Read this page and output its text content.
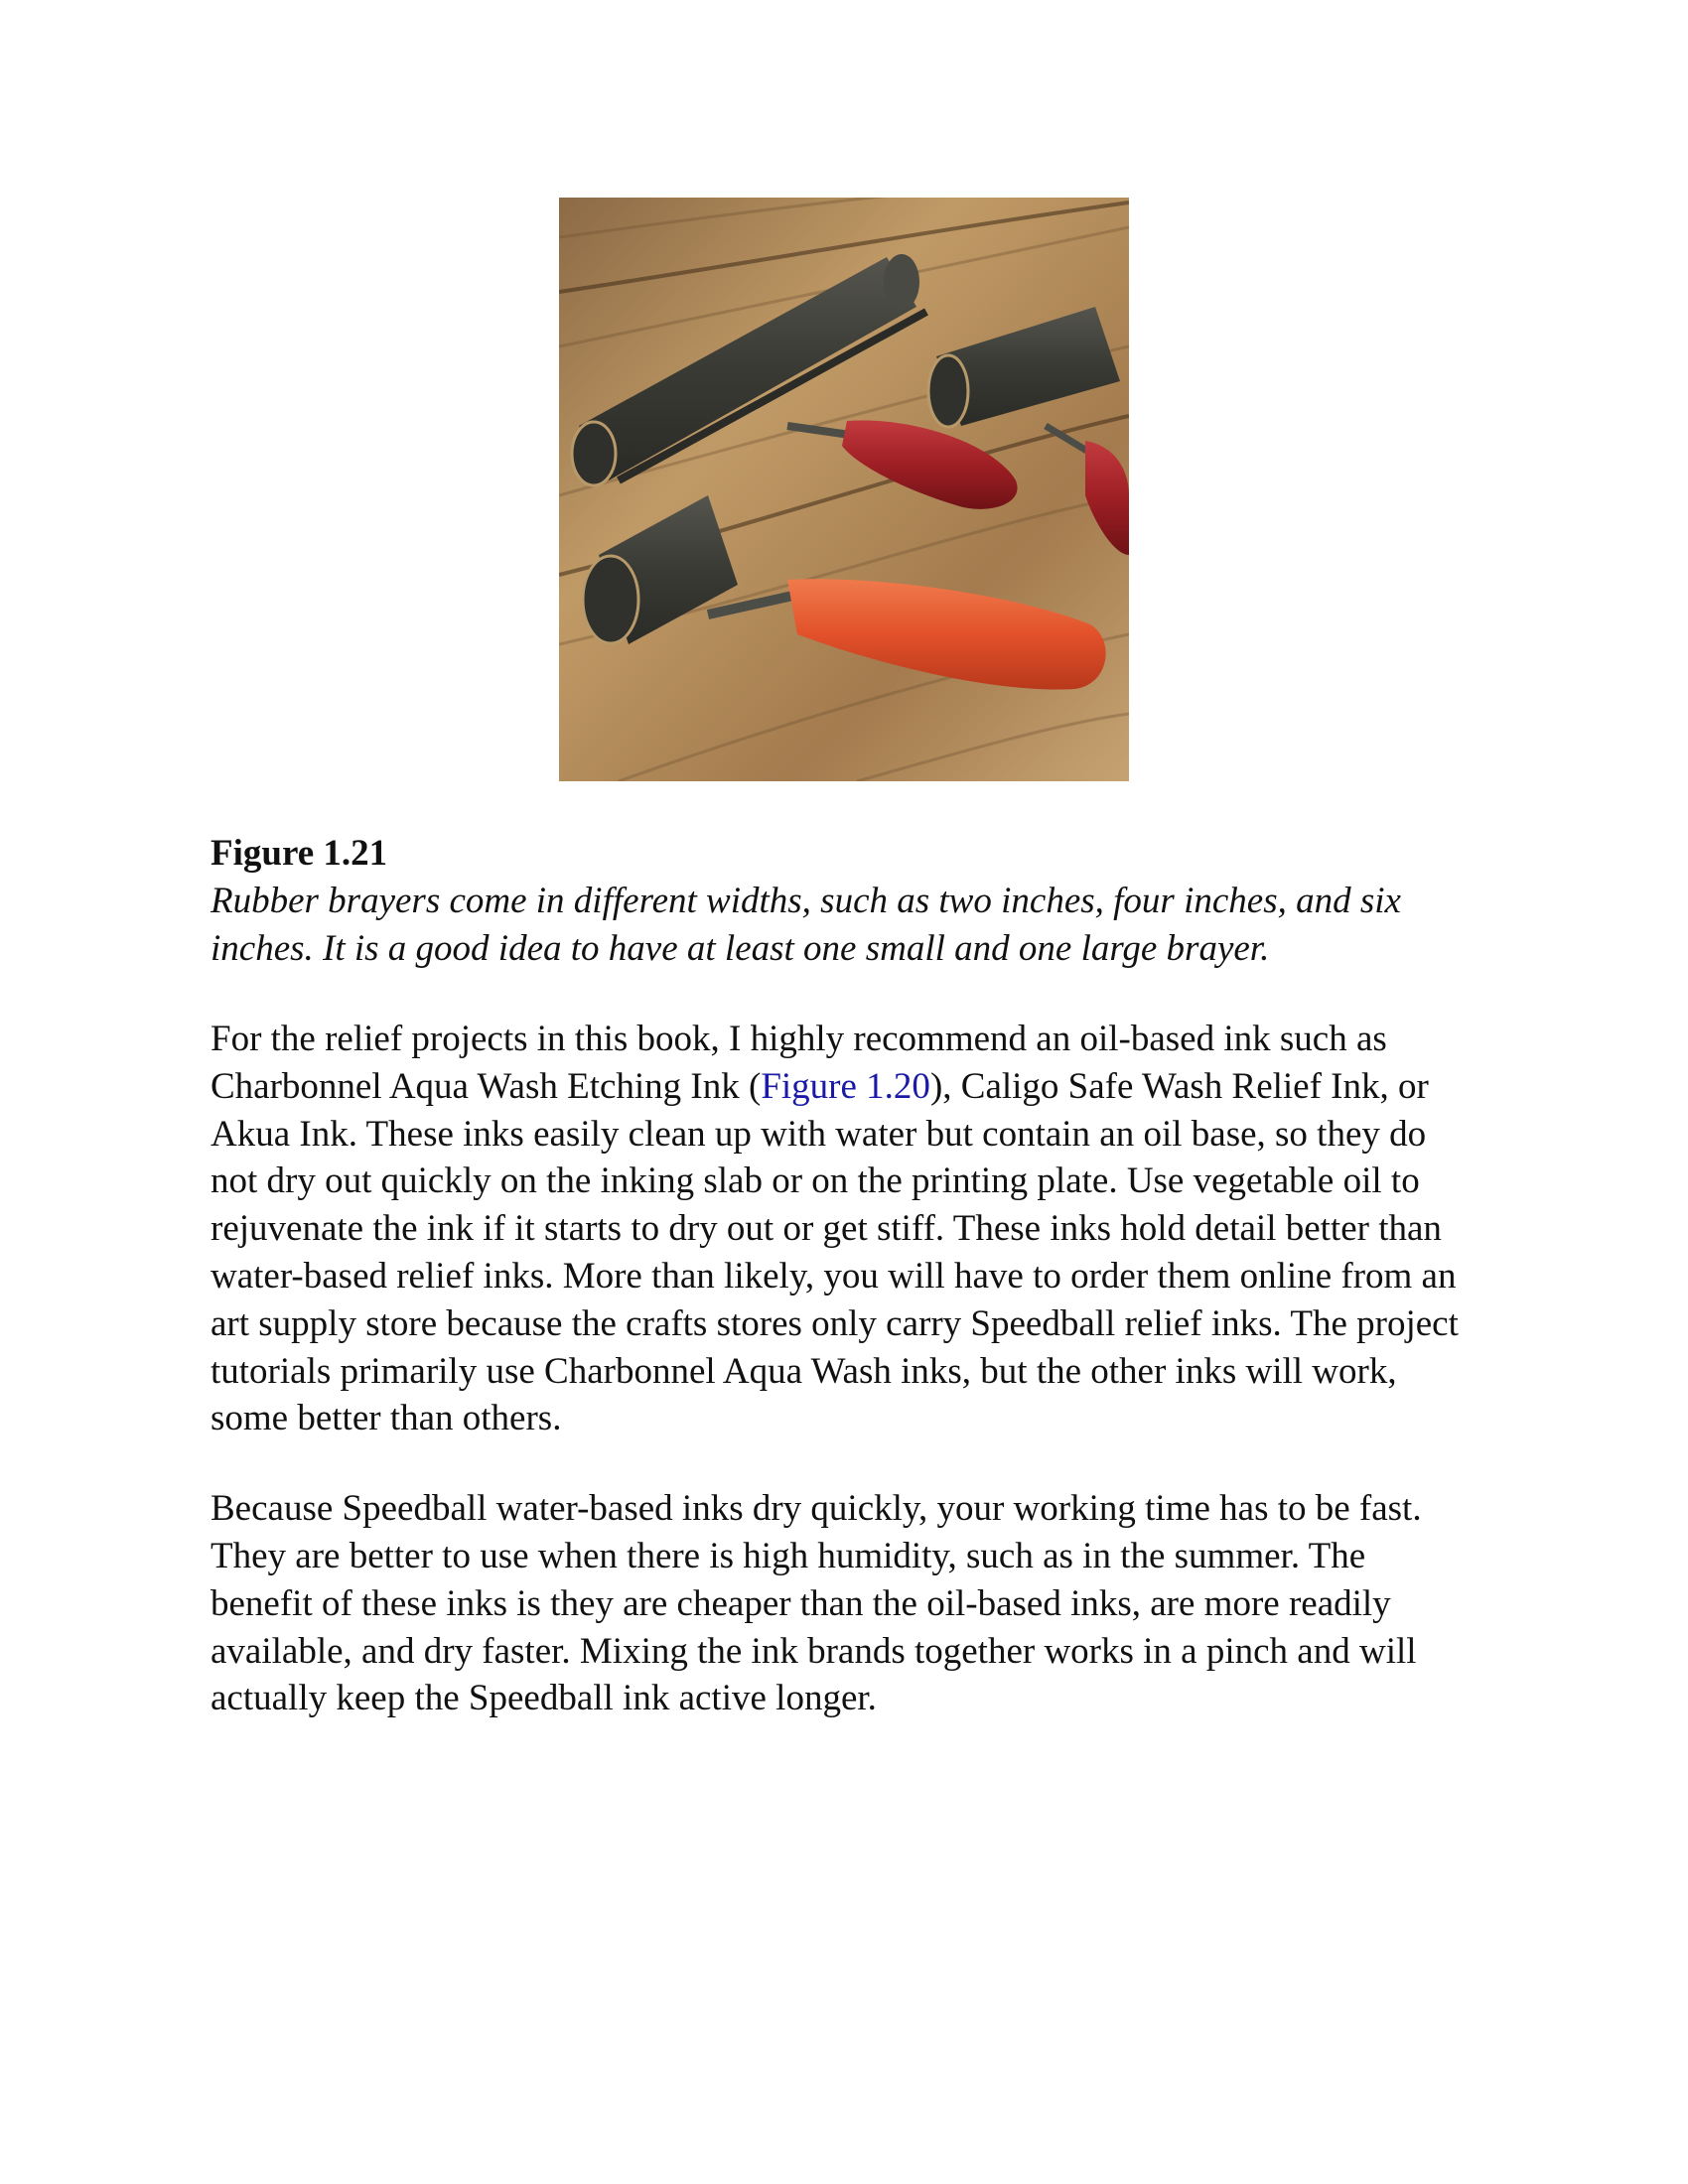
Figure 1.21

Rubber brayers come in different widths, such as two inches, four inches, and six inches. It is a good idea to have at least one small and one large brayer.

For the relief projects in this book, I highly recommend an oil-based ink such as Charbonnel Aqua Wash Etching Ink (Figure 1.20), Caligo Safe Wash Relief Ink, or Akua Ink. These inks easily clean up with water but contain an oil base, so they do not dry out quickly on the inking slab or on the printing plate. Use vegetable oil to rejuvenate the ink if it starts to dry out or get stiff. These inks hold detail better than water-based relief inks. More than likely, you will have to order them online from an art supply store because the crafts stores only carry Speedball relief inks. The project tutorials primarily use Charbonnel Aqua Wash inks, but the other inks will work, some better than others.

Because Speedball water-based inks dry quickly, your working time has to be fast. They are better to use when there is high humidity, such as in the summer. The benefit of these inks is they are cheaper than the oil-based inks, are more readily available, and dry faster. Mixing the ink brands together works in a pinch and will actually keep the Speedball ink active longer.
